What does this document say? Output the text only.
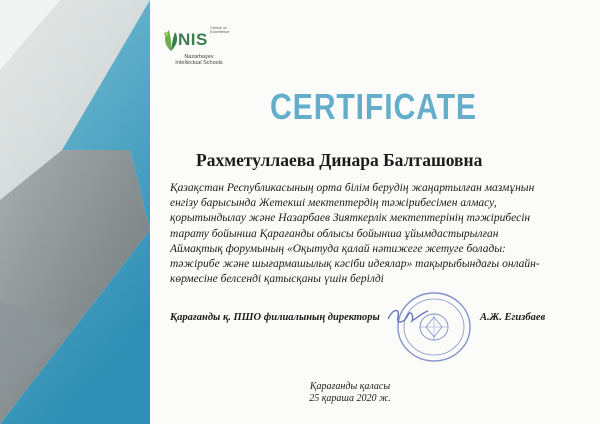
Centre of Excellence
NIS
Nazarbayev Intellectual Schools
CERTIFICATE
Рахметуллаева Динара Балташовна
Қазақстан Республикасының орта білім берудің жаңартылған мазмұнын
енгізу барысында Жетекші мектептердің тәжірибесімен алмасу,
қорытындылау және Назарбаев Зияткерлік мектептерінің тәжірибесін
тарату бойынша Қарағанды облысы бойынша ұйымдастырылған
Аймақтық форумының «Оқытуда қалай нәтижеге жетуге болады:
тәжірибе және шығармашылық кәсіби идеялар» тақырыбындағы онлайн-
көрмесіне белсенді қатысқаны үшін берілді
Қарағанды қ. ПШО филиалының директоры	А.Ж. Егизбаев
Қарағанды қаласы
25 қараша 2020 ж.
